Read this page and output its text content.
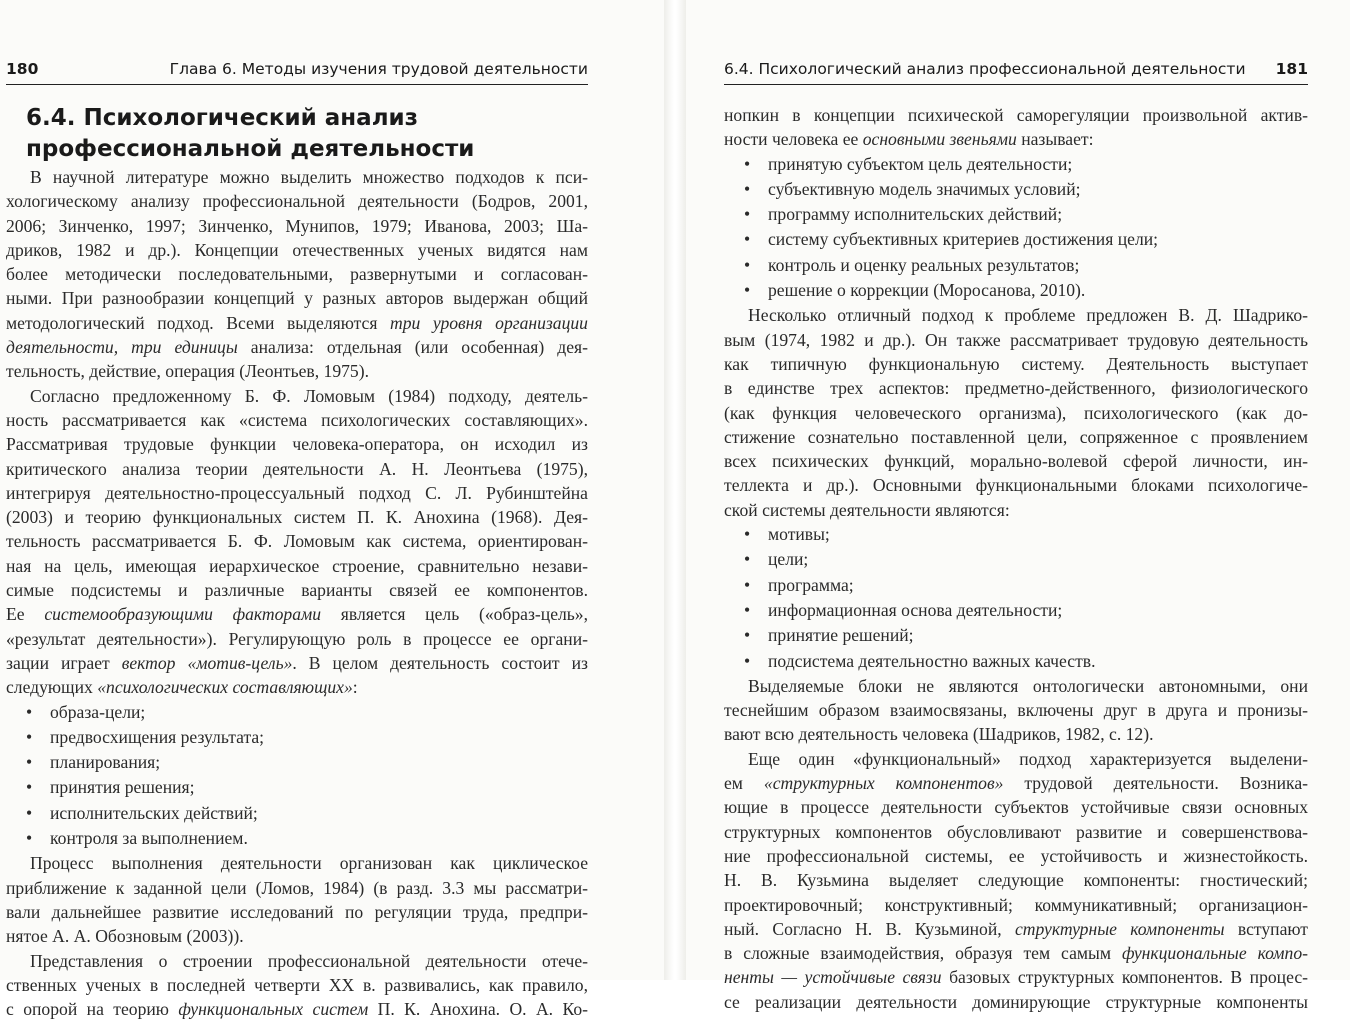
180	Глава 6. Методы изучения трудовой деятельности
6.4. Психологический анализ
профессиональной деятельности
В научной литературе можно выделить множество подходов к пси-
хологическому анализу профессиональной деятельности (Бодров, 2001,
2006; Зинченко, 1997; Зинченко, Мунипов, 1979; Иванова, 2003; Ша-
дриков, 1982 и др.). Концепции отечественных ученых видятся нам
более методически последовательными, развернутыми и согласован-
ными. При разнообразии концепций у разных авторов выдержан общий
методологический подход. Всеми выделяются три уровня организации
деятельности, три единицы анализа: отдельная (или особенная) дея-
тельность, действие, операция (Леонтьев, 1975).
Согласно предложенному Б. Ф. Ломовым (1984) подходу, деятель-
ность рассматривается как «система психологических составляющих».
Рассматривая трудовые функции человека-оператора, он исходил из
критического анализа теории деятельности А. Н. Леонтьева (1975),
интегрируя деятельностно-процессуальный подход С. Л. Рубинштейна
(2003) и теорию функциональных систем П. К. Анохина (1968). Дея-
тельность рассматривается Б. Ф. Ломовым как система, ориентирован-
ная на цель, имеющая иерархическое строение, сравнительно незави-
симые подсистемы и различные варианты связей ее компонентов.
Ее системообразующими факторами является цель («образ-цель»,
«результат деятельности»). Регулирующую роль в процессе ее органи-
зации играет вектор «мотив-цель». В целом деятельность состоит из
следующих «психологических составляющих»:
• образа-цели;
• предвосхищения результата;
• планирования;
• принятия решения;
• исполнительских действий;
• контроля за выполнением.
Процесс выполнения деятельности организован как циклическое
приближение к заданной цели (Ломов, 1984) (в разд. 3.3 мы рассматри-
вали дальнейшее развитие исследований по регуляции труда, предпри-
нятое А. А. Обозновым (2003)).
Представления о строении профессиональной деятельности отече-
ственных ученых в последней четверти XX в. развивались, как правило,
с опорой на теорию функциональных систем П. К. Анохина. О. А. Ко-
6.4. Психологический анализ профессиональной деятельности 181
нопкин в концепции психической саморегуляции произвольной актив-
ности человека ее основными звеньями называет:
• принятую субъектом цель деятельности;
• субъективную модель значимых условий;
• программу исполнительских действий;
• систему субъективных критериев достижения цели;
• контроль и оценку реальных результатов;
• решение о коррекции (Моросанова, 2010).
Несколько отличный подход к проблеме предложен В. Д. Шадрико-
вым (1974, 1982 и др.). Он также рассматривает трудовую деятельность
как типичную функциональную систему. Деятельность выступает
в единстве трех аспектов: предметно-действенного, физиологического
(как функция человеческого организма), психологического (как до-
стижение сознательно поставленной цели, сопряженное с проявлением
всех психических функций, морально-волевой сферой личности, ин-
теллекта и др.). Основными функциональными блоками психологиче-
ской системы деятельности являются:
• мотивы;
• цели;
• программа;
• информационная основа деятельности;
• принятие решений;
• подсистема деятельностно важных качеств.
Выделяемые блоки не являются онтологически автономными, они
теснейшим образом взаимосвязаны, включены друг в друга и пронизы-
вают всю деятельность человека (Шадриков, 1982, с. 12).
Еще один «функциональный» подход характеризуется выделени-
ем «структурных компонентов» трудовой деятельности. Возника-
ющие в процессе деятельности субъектов устойчивые связи основных
структурных компонентов обусловливают развитие и совершенствова-
ние профессиональной системы, ее устойчивость и жизнестойкость.
Н. В. Кузьмина выделяет следующие компоненты: гностический;
проектировочный; конструктивный; коммуникативный; организацион-
ный. Согласно Н. В. Кузьминой, структурные компоненты вступают
в сложные взаимодействия, образуя тем самым функциональные компо-
ненты — устойчивые связи базовых структурных компонентов. В процес-
се реализации деятельности доминирующие структурные компоненты
